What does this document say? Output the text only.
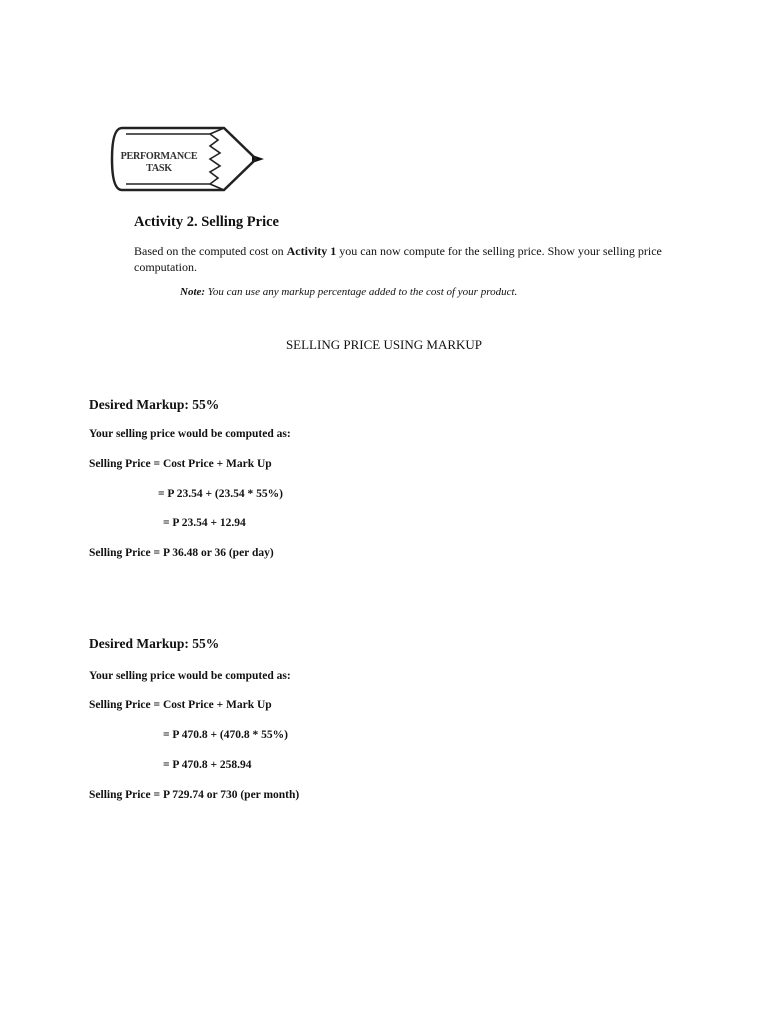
PERFORMANCE TASK
Activity 2. Selling Price
Based on the computed cost on Activity 1 you can now compute for the selling price. Show your selling price computation.
Note: You can use any markup percentage added to the cost of your product.
SELLING PRICE USING MARKUP
Desired Markup: 55%
Your selling price would be computed as:
Selling Price = Cost Price + Mark Up
= P 23.54 + (23.54 * 55%)
= P 23.54 + 12.94
Selling Price = P 36.48 or 36 (per day)
Desired Markup: 55%
Your selling price would be computed as:
Selling Price = Cost Price + Mark Up
= P 470.8 + (470.8 * 55%)
= P 470.8 + 258.94
Selling Price = P 729.74 or 730 (per month)
